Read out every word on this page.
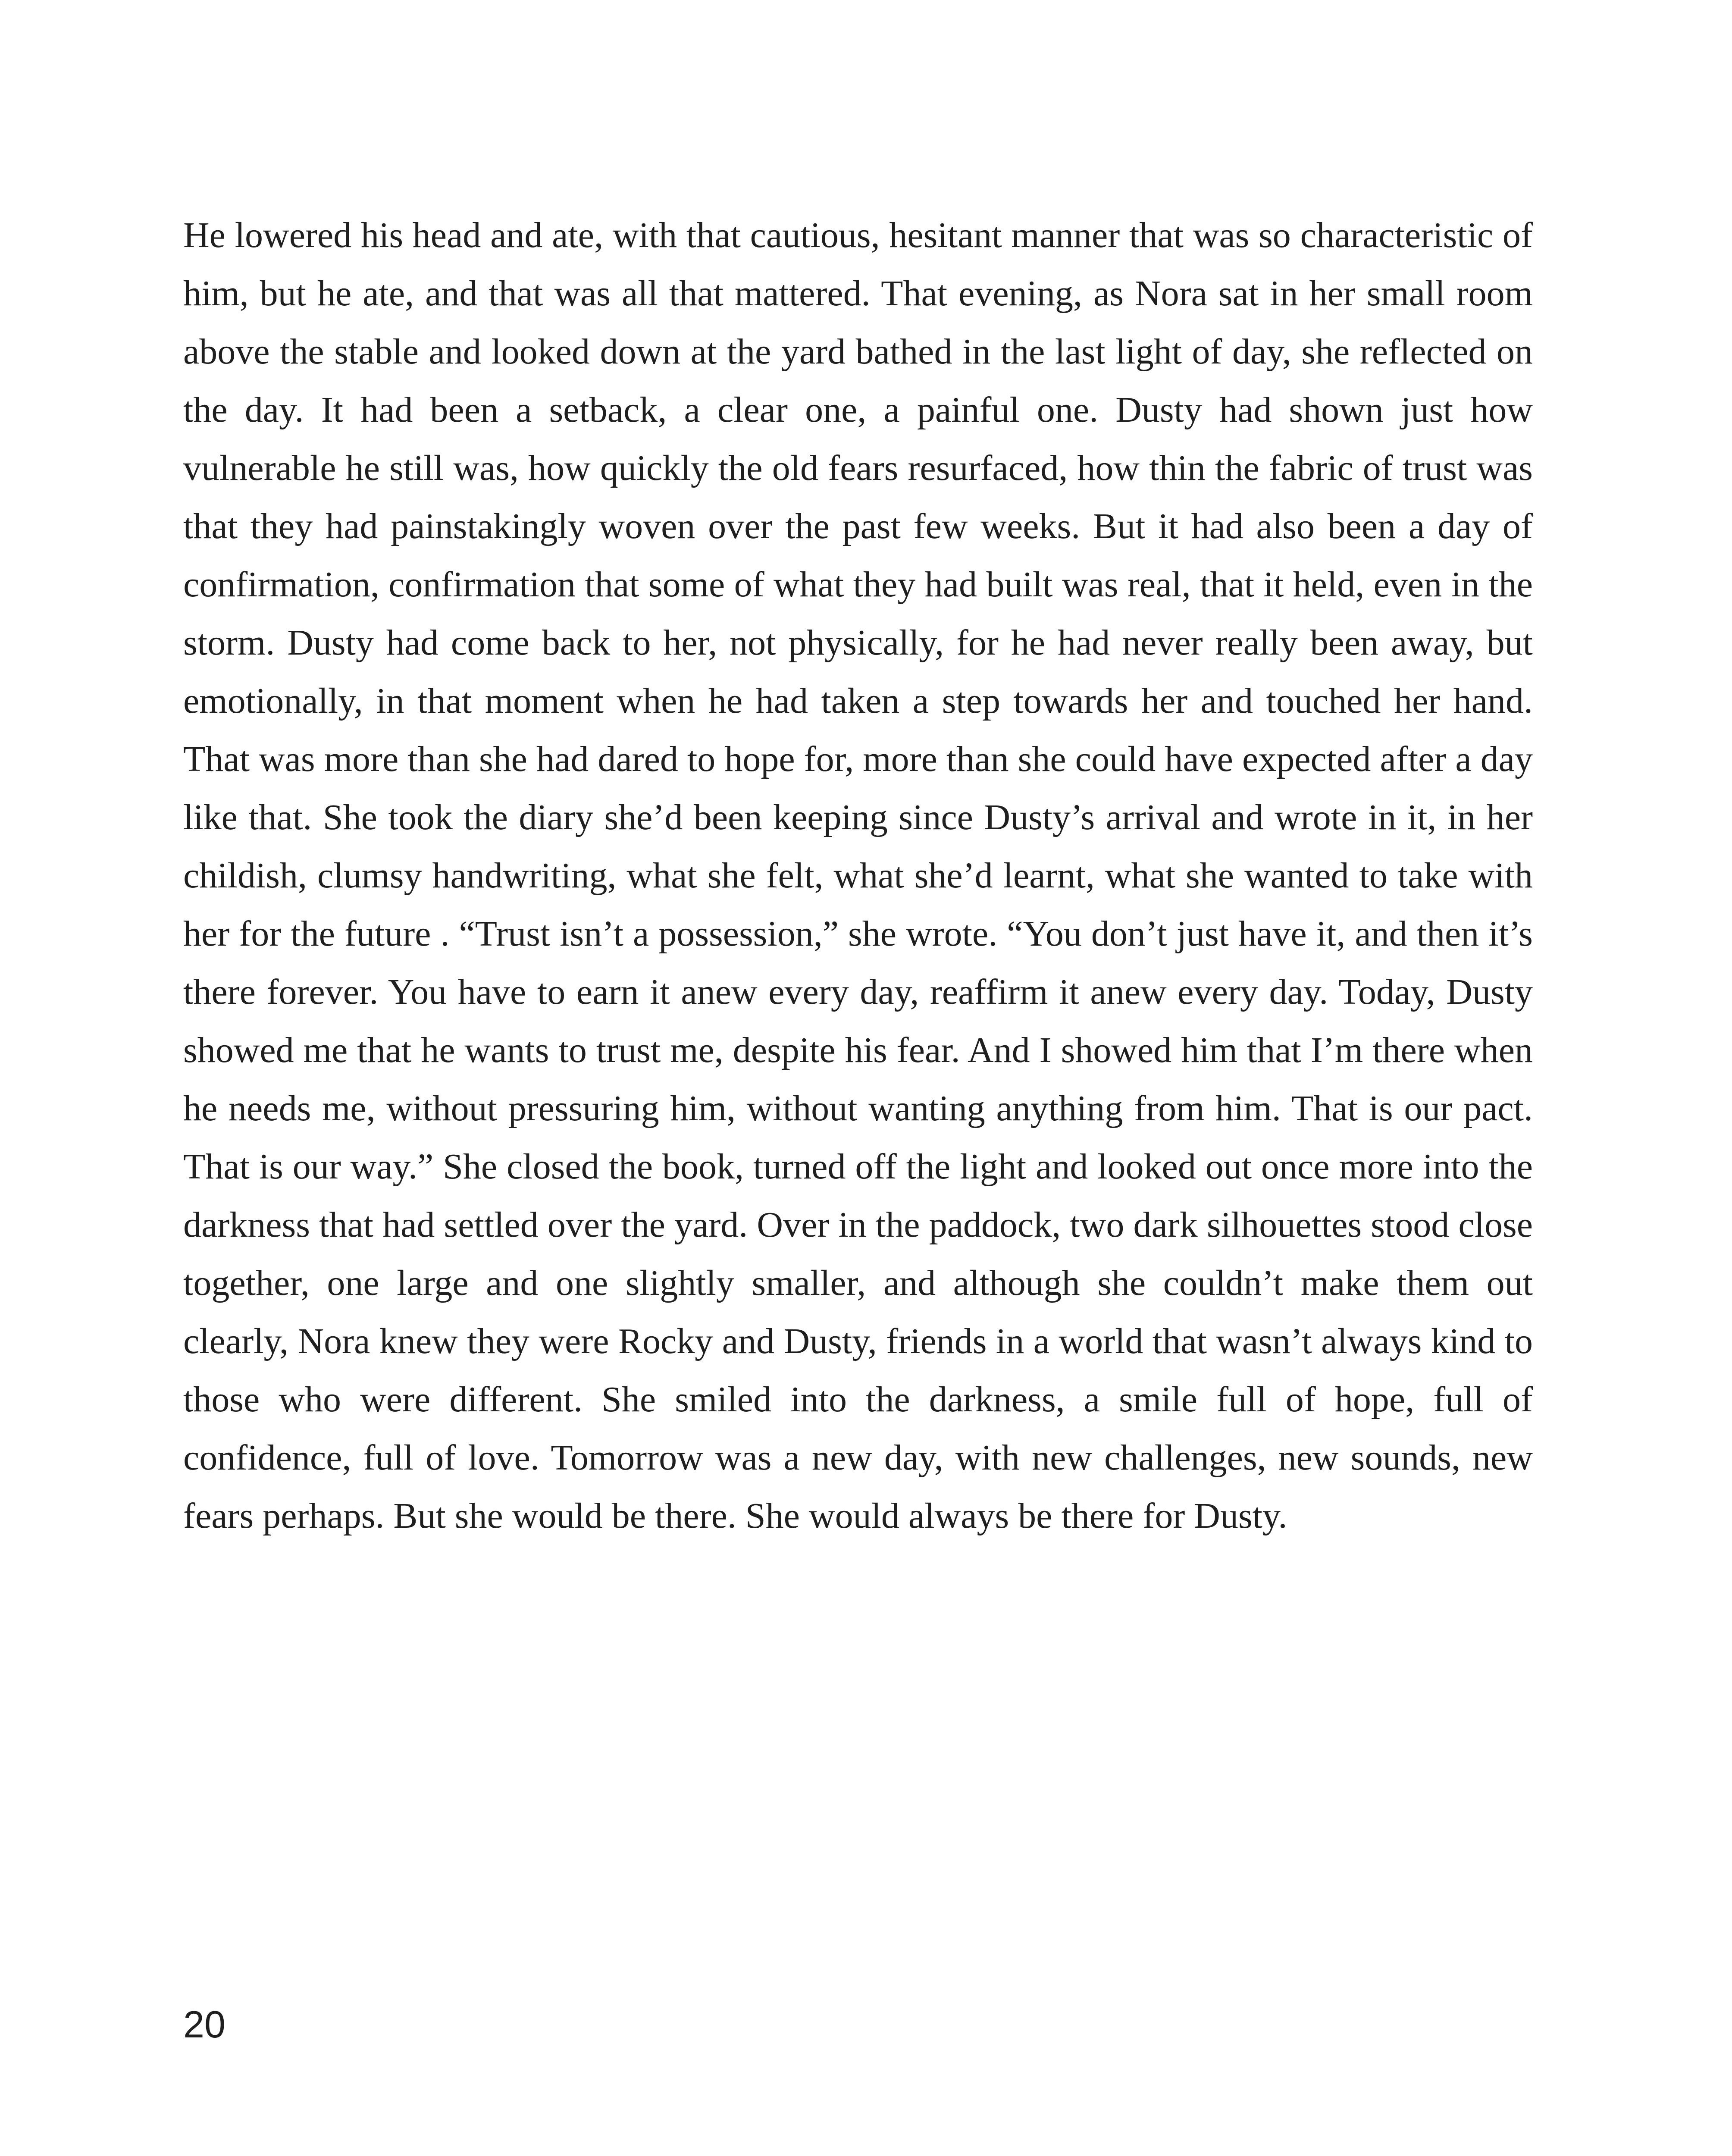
He lowered his head and ate, with that cautious, hesitant manner that was so characteristic of him, but he ate, and that was all that mattered. That evening, as Nora sat in her small room above the stable and looked down at the yard bathed in the last light of day, she reflected on the day. It had been a setback, a clear one, a painful one. Dusty had shown just how vulnerable he still was, how quickly the old fears resurfaced, how thin the fabric of trust was that they had painstakingly woven over the past few weeks. But it had also been a day of confirmation, confirmation that some of what they had built was real, that it held, even in the storm. Dusty had come back to her, not physically, for he had never really been away, but emotionally, in that moment when he had taken a step towards her and touched her hand. That was more than she had dared to hope for, more than she could have expected after a day like that. She took the diary she’d been keeping since Dusty’s arrival and wrote in it, in her childish, clumsy handwriting, what she felt, what she’d learnt, what she wanted to take with her for the future . “Trust isn’t a possession,” she wrote. “You don’t just have it, and then it’s there forever. You have to earn it anew every day, reaffirm it anew every day. Today, Dusty showed me that he wants to trust me, despite his fear. And I showed him that I’m there when he needs me, without pressuring him, without wanting anything from him. That is our pact. That is our way.” She closed the book, turned off the light and looked out once more into the darkness that had settled over the yard. Over in the paddock, two dark silhouettes stood close together, one large and one slightly smaller, and although she couldn’t make them out clearly, Nora knew they were Rocky and Dusty, friends in a world that wasn’t always kind to those who were different. She smiled into the darkness, a smile full of hope, full of confidence, full of love. Tomorrow was a new day, with new challenges, new sounds, new fears perhaps. But she would be there. She would always be there for Dusty.

20
